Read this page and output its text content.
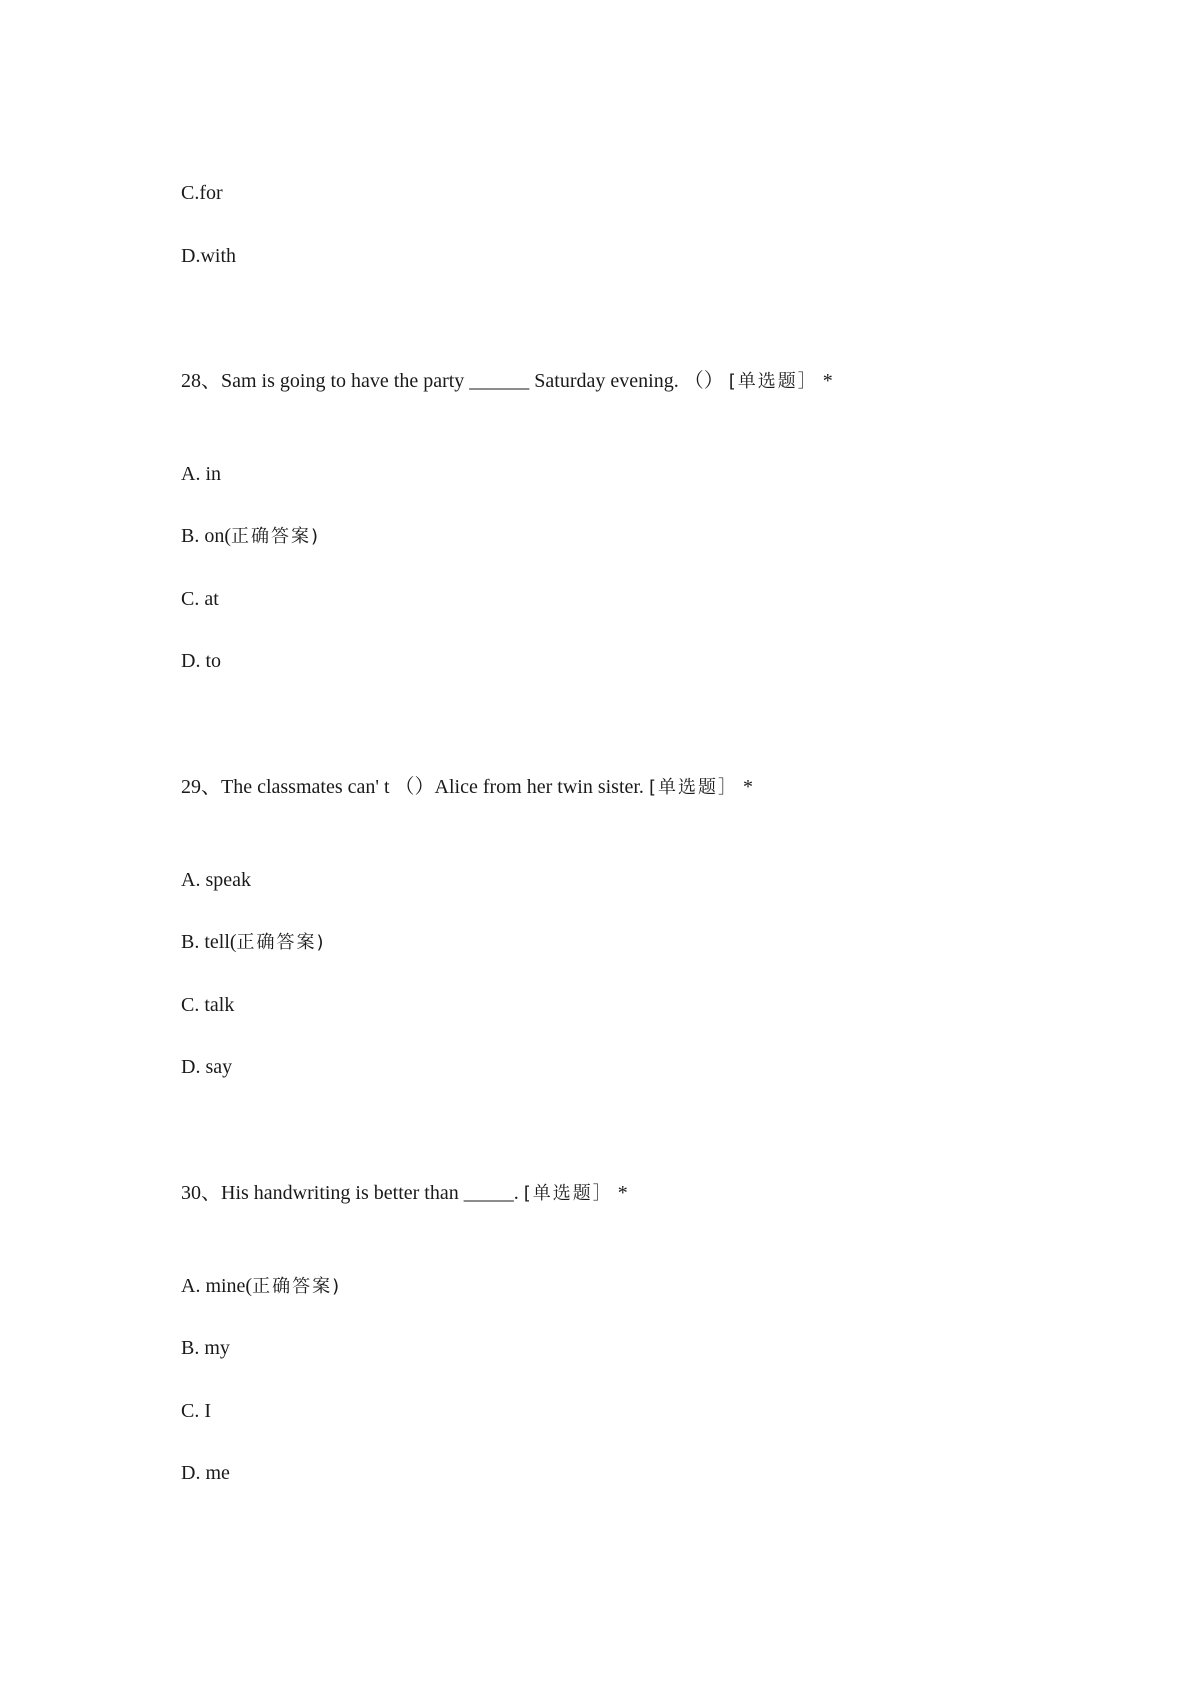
C.for
D.with
28、Sam is going to have the party ______ Saturday evening. （） [单选题］ *
A. in
B. on(正确答案)
C. at
D. to
29、The classmates can' t （）Alice from her twin sister. [单选题］ *
A. speak
B. tell(正确答案)
C. talk
D. say
30、His handwriting is better than _____. [单选题］ *
A. mine(正确答案)
B. my
C. I
D. me
